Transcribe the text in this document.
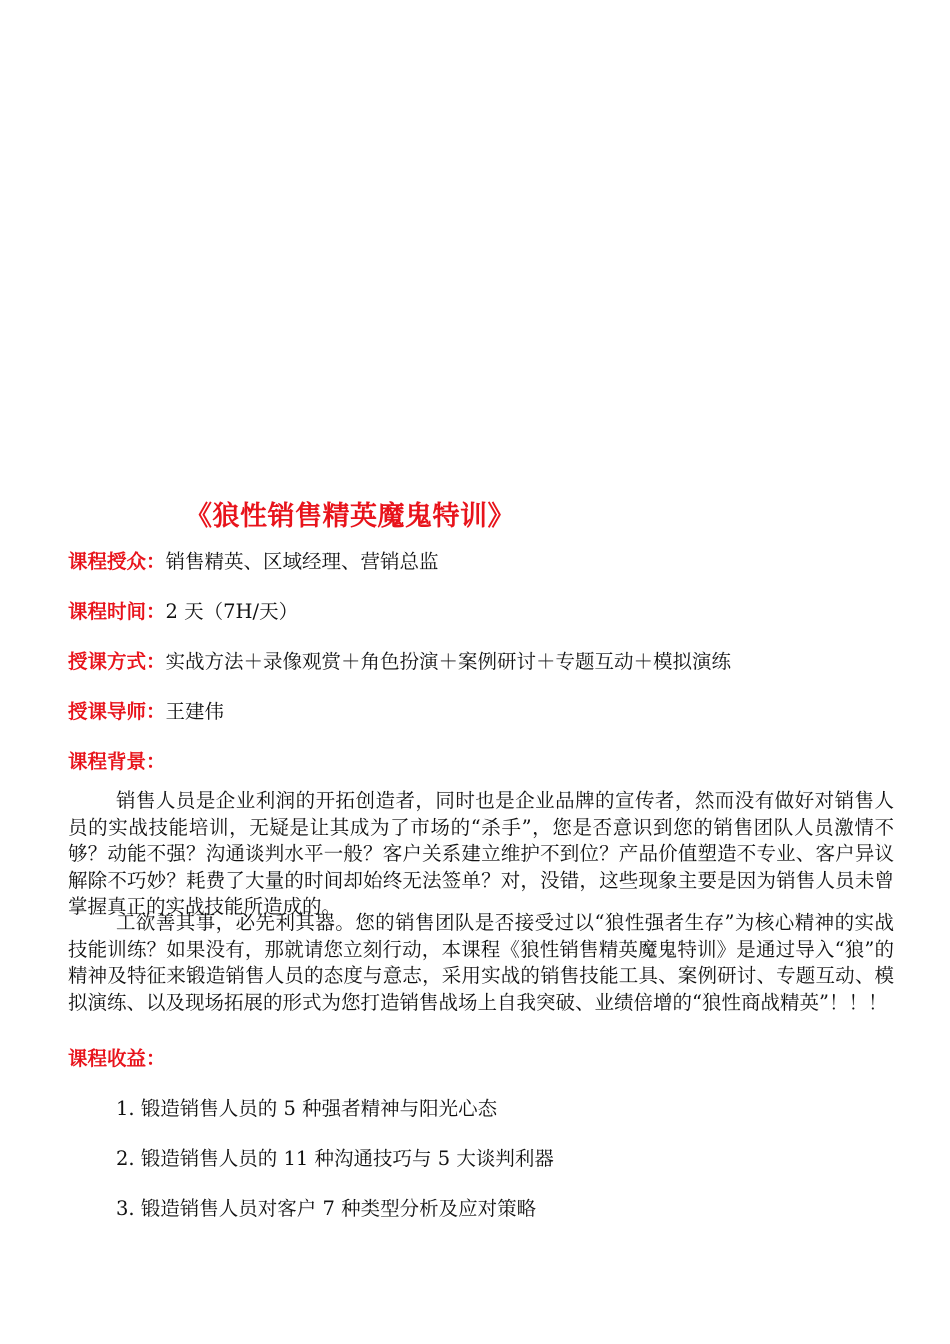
《狼性销售精英魔鬼特训》
课程授众：销售精英、区域经理、营销总监
课程时间：2 天（7H/天）
授课方式：实战方法＋录像观赏＋角色扮演＋案例研讨＋专题互动＋模拟演练
授课导师：王建伟
课程背景：

销售人员是企业利润的开拓创造者，同时也是企业品牌的宣传者，然而没有做好对销售人员的实战技能培训，无疑是让其成为了市场的“杀手”，您是否意识到您的销售团队人员激情不够？动能不强？沟通谈判水平一般？客户关系建立维护不到位？产品价值塑造不专业、客户异议解除不巧妙？耗费了大量的时间却始终无法签单？对，没错，这些现象主要是因为销售人员未曾掌握真正的实战技能所造成的。

工欲善其事，必先利其器。您的销售团队是否接受过以“狼性强者生存”为核心精神的实战技能训练？如果没有，那就请您立刻行动，本课程《狼性销售精英魔鬼特训》是通过导入“狼”的精神及特征来锻造销售人员的态度与意志，采用实战的销售技能工具、案例研讨、专题互动、模拟演练、以及现场拓展的形式为您打造销售战场上自我突破、业绩倍增的“狼性商战精英”！！！

课程收益：
1. 锻造销售人员的 5 种强者精神与阳光心态
2. 锻造销售人员的 11 种沟通技巧与 5 大谈判利器
3. 锻造销售人员对客户 7 种类型分析及应对策略
